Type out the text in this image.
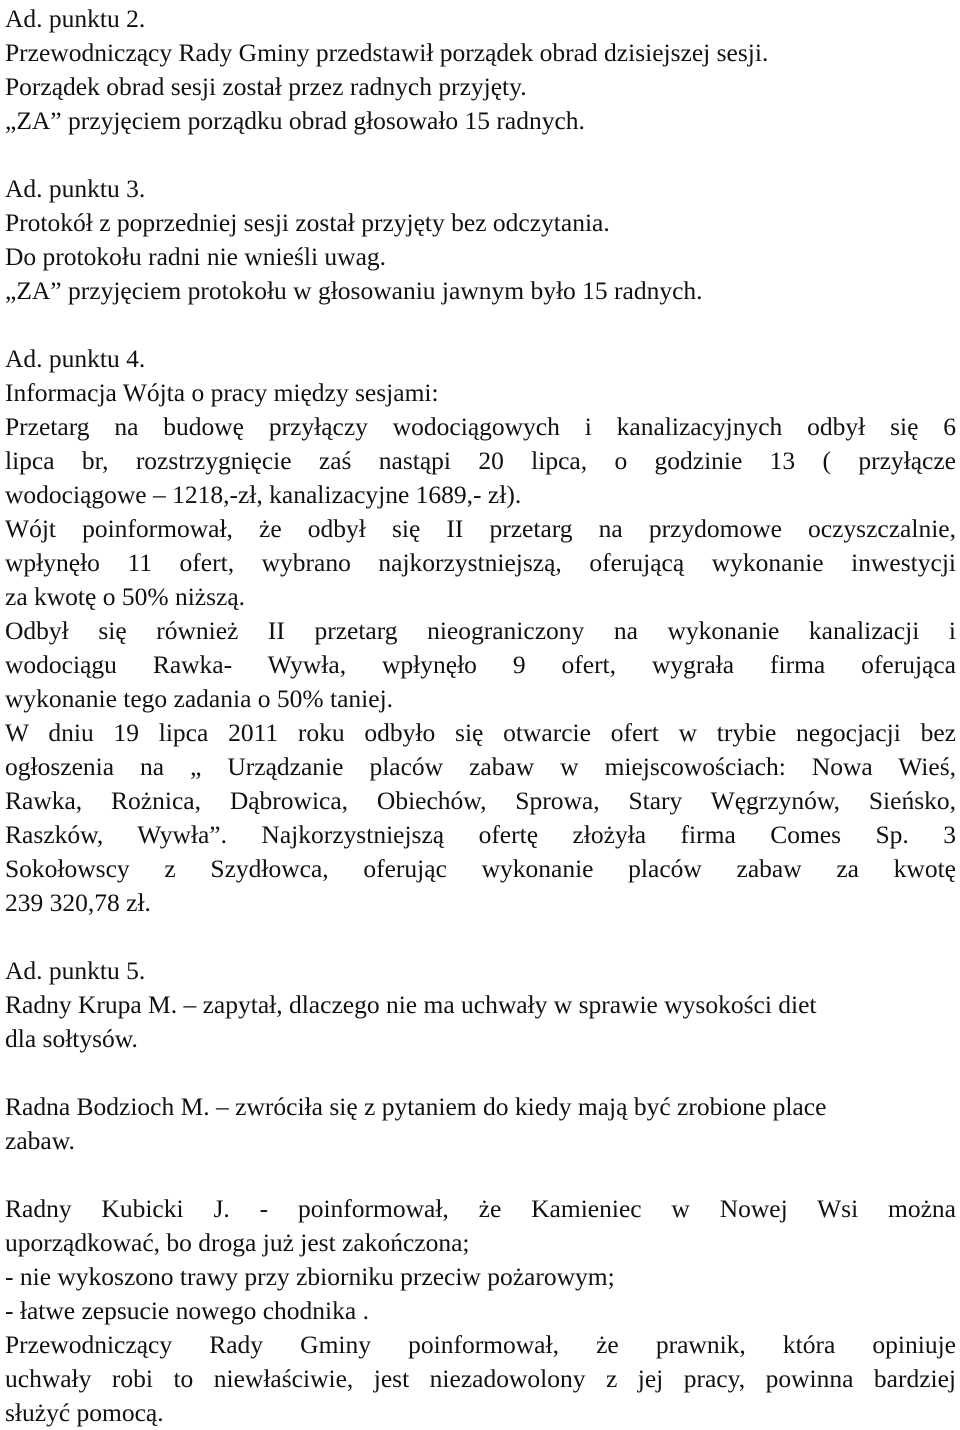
Ad. punktu 2.
Przewodniczący Rady Gminy przedstawił porządek obrad dzisiejszej sesji.
Porządek obrad sesji został przez radnych przyjęty.
„ZA” przyjęciem porządku obrad głosowało 15 radnych.
Ad. punktu 3.
Protokół z poprzedniej sesji został przyjęty bez odczytania.
Do protokołu radni nie wnieśli uwag.
„ZA” przyjęciem protokołu w głosowaniu jawnym było 15 radnych.
Ad. punktu 4.
Informacja Wójta o pracy między sesjami:
Przetarg na budowę przyłączy wodociągowych i kanalizacyjnych odbył się 6
lipca br, rozstrzygnięcie zaś nastąpi 20 lipca, o godzinie 13 ( przyłącze
wodociągowe – 1218,-zł, kanalizacyjne 1689,- zł).
Wójt poinformował, że odbył się II przetarg na przydomowe oczyszczalnie,
wpłynęło 11 ofert, wybrano najkorzystniejszą, oferującą wykonanie inwestycji
za kwotę o 50% niższą.
Odbył się również II przetarg nieograniczony na wykonanie kanalizacji i
wodociągu Rawka- Wywła, wpłynęło 9 ofert, wygrała firma oferująca
wykonanie tego zadania o 50% taniej.
W dniu 19 lipca 2011 roku odbyło się otwarcie ofert w trybie negocjacji bez
ogłoszenia na „ Urządzanie placów zabaw w miejscowościach: Nowa Wieś,
Rawka, Rożnica, Dąbrowica, Obiechów, Sprowa, Stary Węgrzynów, Sieńsko,
Raszków, Wywła”. Najkorzystniejszą ofertę złożyła firma Comes Sp. 3
Sokołowscy z Szydłowca, oferując wykonanie placów zabaw za kwotę
239 320,78 zł.
Ad. punktu 5.
Radny Krupa M. – zapytał, dlaczego nie ma uchwały w sprawie wysokości diet
dla sołtysów.
Radna Bodzioch M. – zwróciła się z pytaniem do kiedy mają być zrobione place
zabaw.
Radny Kubicki J. - poinformował, że Kamieniec w Nowej Wsi można
uporządkować, bo droga już jest zakończona;
- nie wykoszono trawy przy zbiorniku przeciw pożarowym;
- łatwe zepsucie nowego chodnika .
Przewodniczący Rady Gminy poinformował, że prawnik, która opiniuje
uchwały robi to niewłaściwie, jest niezadowolony z jej pracy, powinna bardziej
służyć pomocą.
